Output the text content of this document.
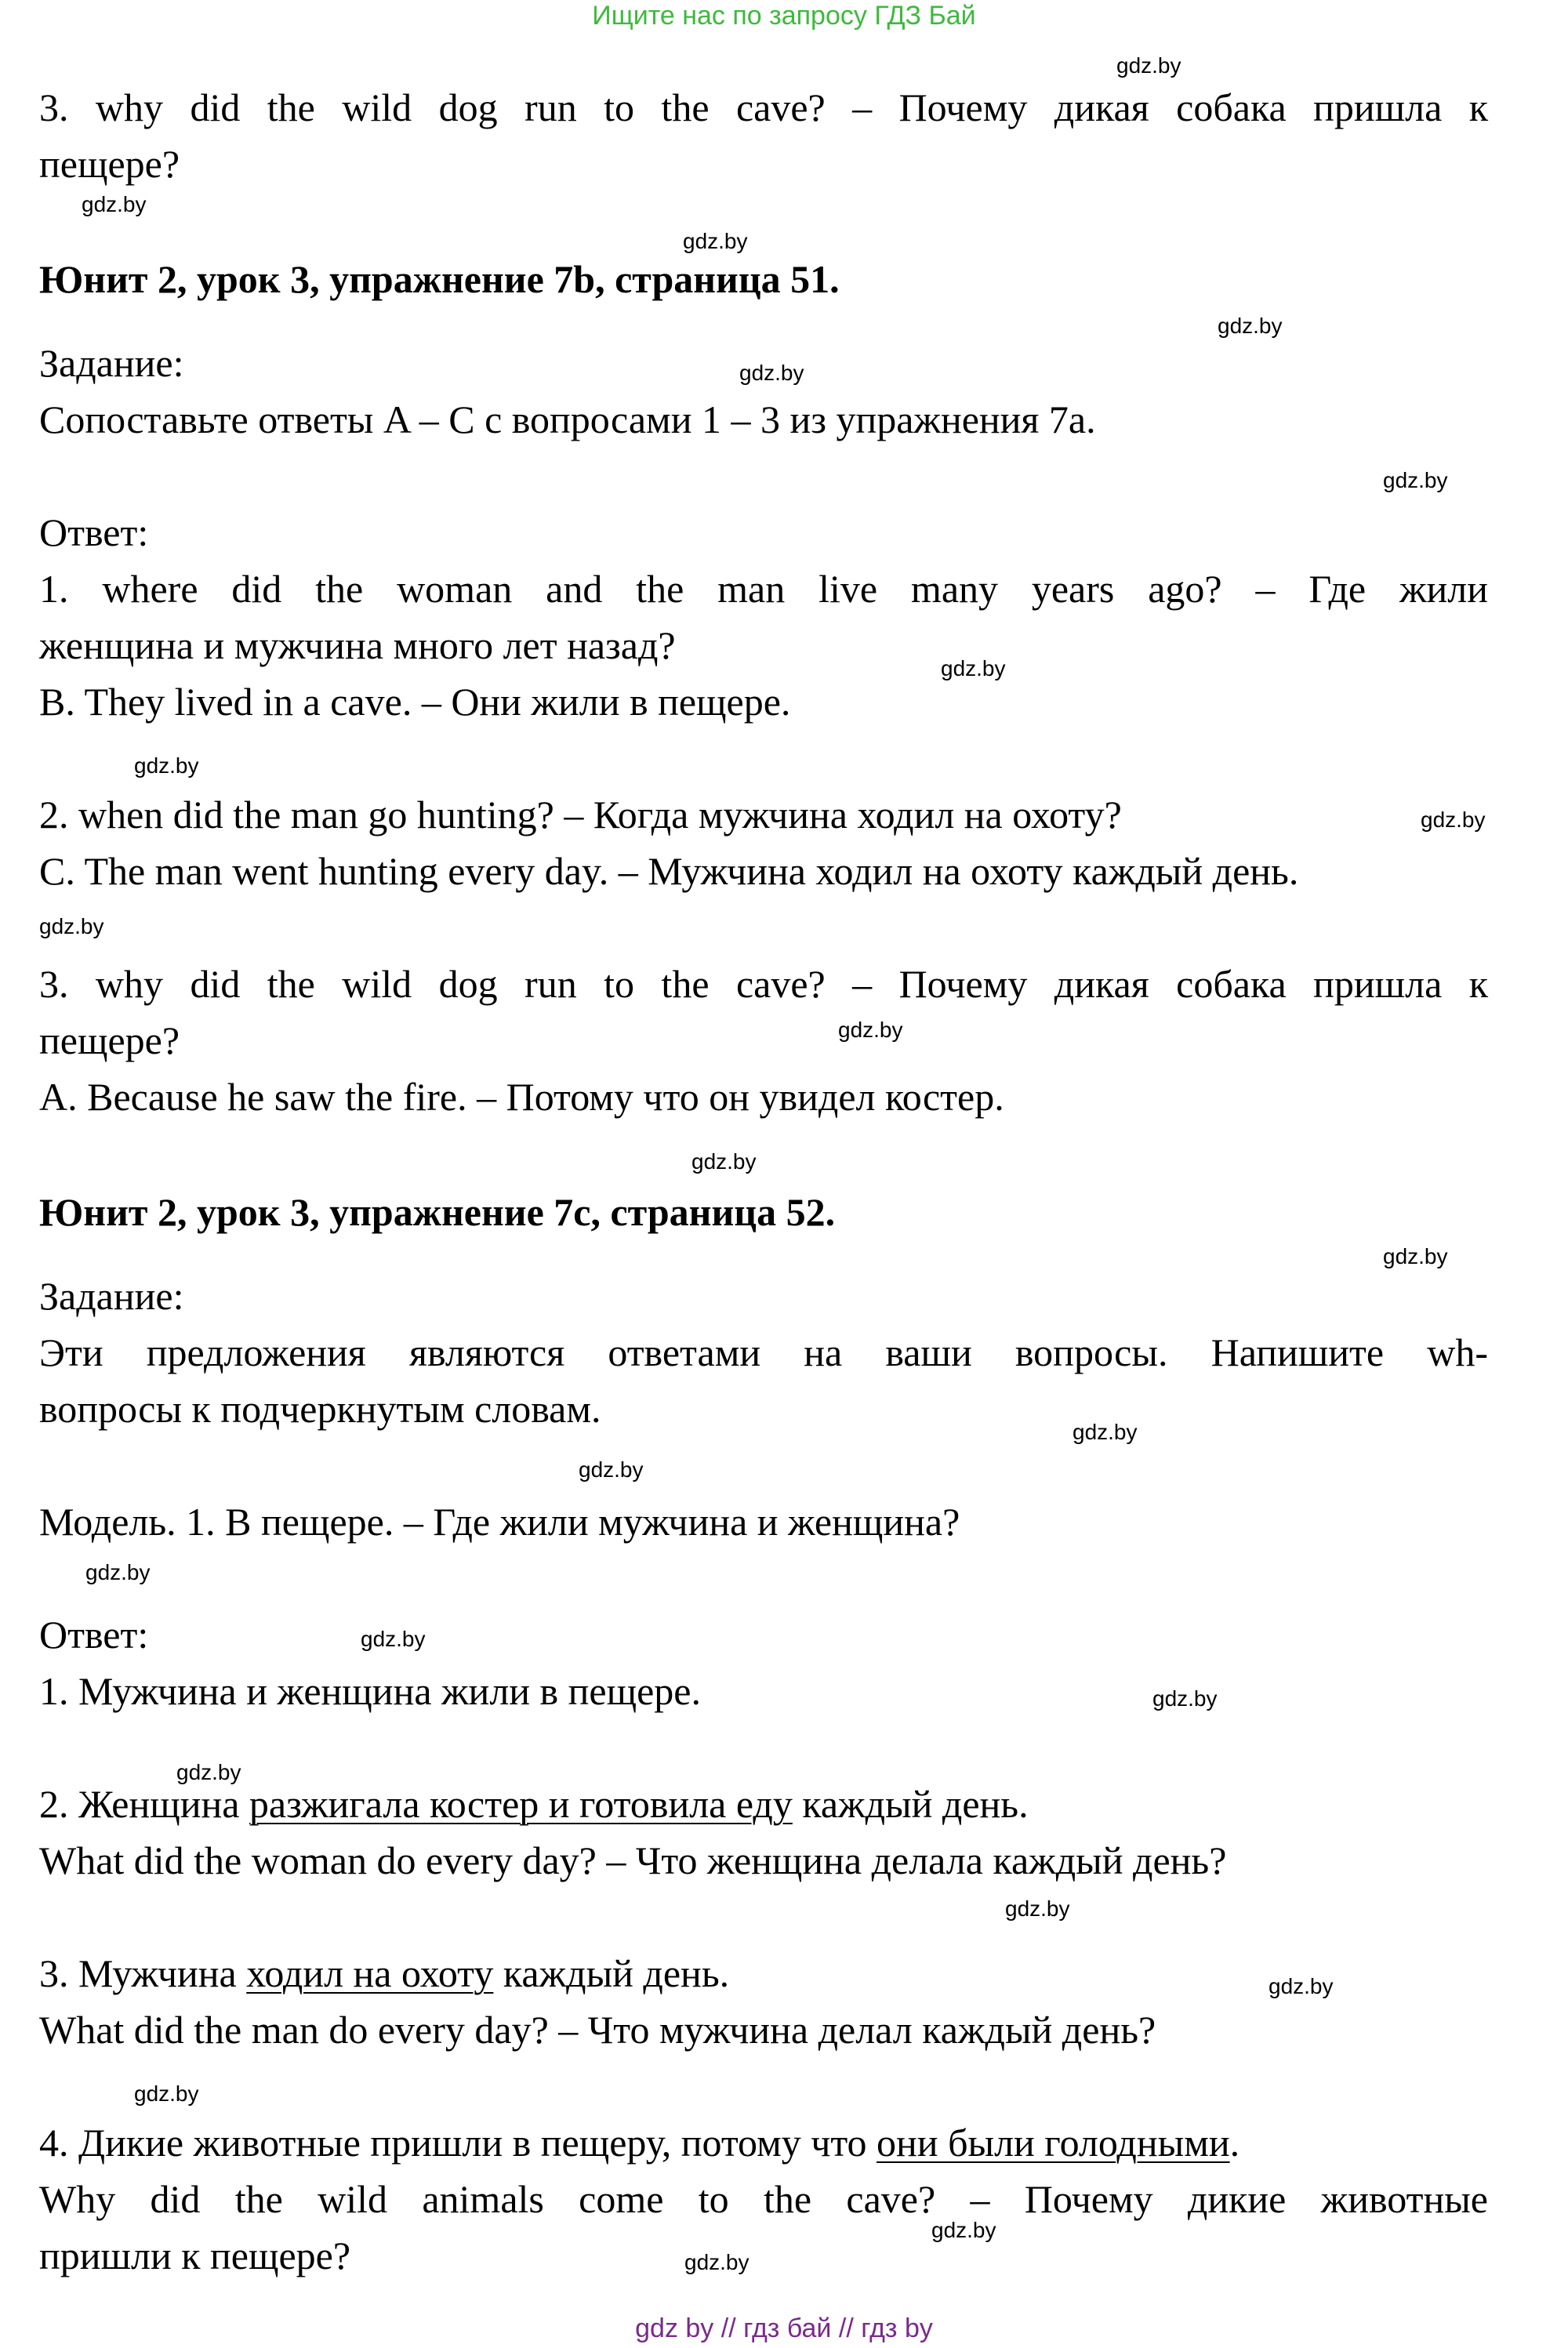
Ищите нас по запросу ГДЗ Бай

3. why did the wild dog run to the cave? – Почему дикая собака пришла к

пещере?

Юнит 2, урок 3, упражнение 7b, страница 51.

Задание:

Сопоставьте ответы A – C с вопросами 1 – 3 из упражнения 7a.

Ответ:

1. where did the woman and the man live many years ago? – Где жили

женщина и мужчина много лет назад?

B. They lived in a cave. – Они жили в пещере.

2. when did the man go hunting? – Когда мужчина ходил на охоту?

C. The man went hunting every day. – Мужчина ходил на охоту каждый день.

3. why did the wild dog run to the cave? – Почему дикая собака пришла к

пещере?

A. Because he saw the fire. – Потому что он увидел костер.

Юнит 2, урок 3, упражнение 7c, страница 52.

Задание:

Эти предложения являются ответами на ваши вопросы. Напишите wh-

вопросы к подчеркнутым словам.

Модель. 1. В пещере. – Где жили мужчина и женщина?

Ответ:

1. Мужчина и женщина жили в пещере.

2. Женщина разжигала костер и готовила еду каждый день.

What did the woman do every day? – Что женщина делала каждый день?

3. Мужчина ходил на охоту каждый день.

What did the man do every day? – Что мужчина делал каждый день?

4. Дикие животные пришли в пещеру, потому что они были голодными.

Why did the wild animals come to the cave? – Почему дикие животные

пришли к пещере?

gdz.by

gdz.by

gdz.by

gdz.by

gdz.by

gdz.by

gdz.by

gdz.by

gdz.by

gdz.by

gdz.by

gdz.by

gdz.by

gdz.by

gdz.by

gdz.by

gdz.by

gdz.by

gdz.by

gdz.by

gdz.by

gdz.by

gdz.by

gdz.by

gdz by // гдз бай // гдз by
